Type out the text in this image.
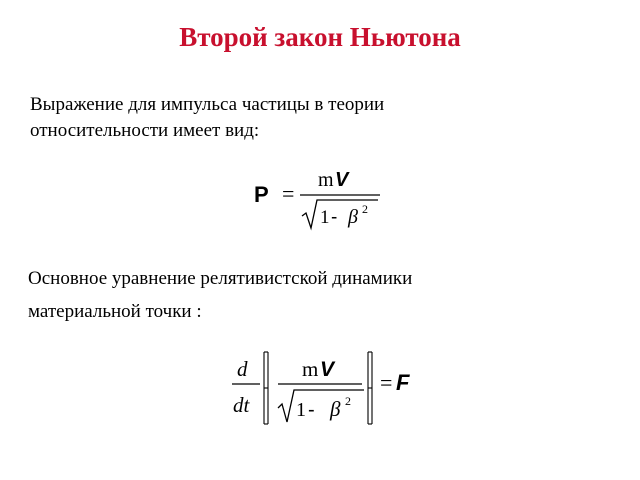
Второй закон Ньютона
Выражение для импульса частицы в теории
относительности имеет вид:
P =
m V
1 - β 2
Основное уравнение релятивистской динамики
материальной точки :
d
dt
m V
1 - β 2
= F
